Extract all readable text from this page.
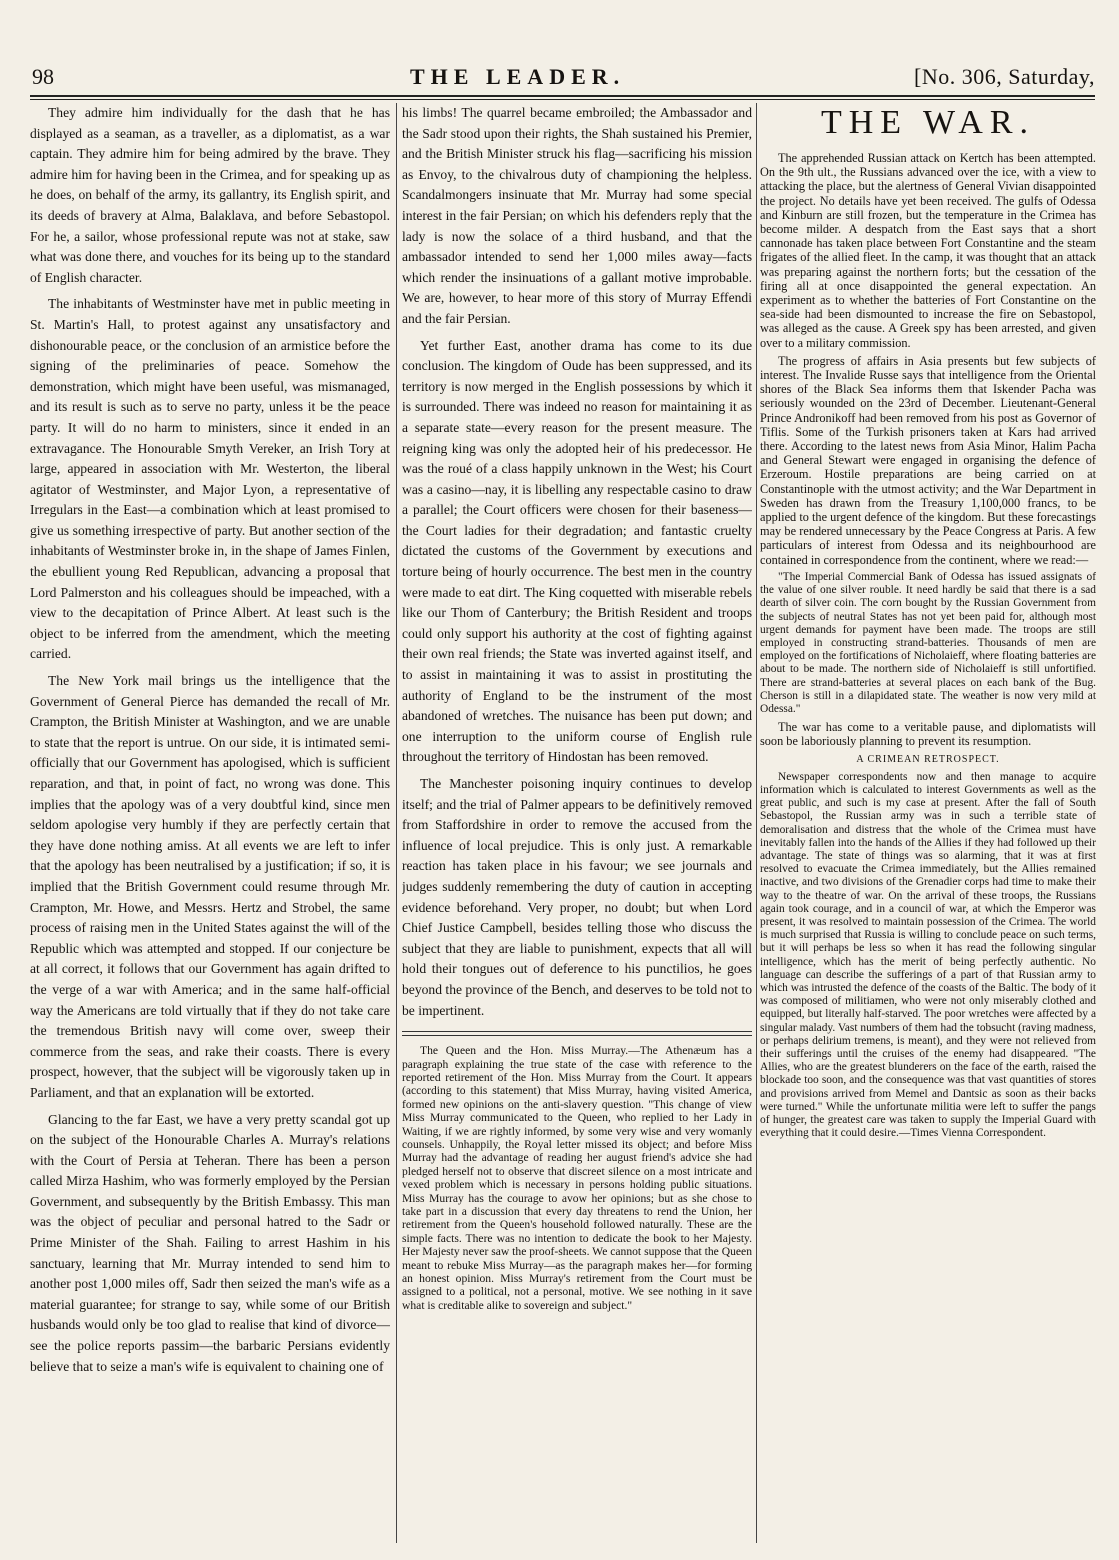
98	THE LEADER.	[No. 306, Saturday,

They admire him individually for the dash that he has displayed as a seaman, as a traveller, as a diplomatist, as a war captain. They admire him for being admired by the brave. They admire him for having been in the Crimea, and for speaking up as he does, on behalf of the army, its gallantry, its English spirit, and its deeds of bravery at Alma, Balaklava, and before Sebastopol. For he, a sailor, whose professional repute was not at stake, saw what was done there, and vouches for its being up to the standard of English character.

The inhabitants of Westminster have met in public meeting in St. Martin's Hall, to protest against any unsatisfactory and dishonourable peace, or the conclusion of an armistice before the signing of the preliminaries of peace. Somehow the demonstration, which might have been useful, was mismanaged, and its result is such as to serve no party, unless it be the peace party. It will do no harm to ministers, since it ended in an extravagance. The Honourable Smyth Vereker, an Irish Tory at large, appeared in association with Mr. Westerton, the liberal agitator of Westminster, and Major Lyon, a representative of Irregulars in the East—a combination which at least promised to give us something irrespective of party. But another section of the inhabitants of Westminster broke in, in the shape of James Finlen, the ebullient young Red Republican, advancing a proposal that Lord Palmerston and his colleagues should be impeached, with a view to the decapitation of Prince Albert. At least such is the object to be inferred from the amendment, which the meeting carried.

The New York mail brings us the intelligence that the Government of General Pierce has demanded the recall of Mr. Crampton, the British Minister at Washington, and we are unable to state that the report is untrue. On our side, it is intimated semi-officially that our Government has apologised, which is sufficient reparation, and that, in point of fact, no wrong was done. This implies that the apology was of a very doubtful kind, since men seldom apologise very humbly if they are perfectly certain that they have done nothing amiss. At all events we are left to infer that the apology has been neutralised by a justification; if so, it is implied that the British Government could resume through Mr. Crampton, Mr. Howe, and Messrs. Hertz and Strobel, the same process of raising men in the United States against the will of the Republic which was attempted and stopped. If our conjecture be at all correct, it follows that our Government has again drifted to the verge of a war with America; and in the same half-official way the Americans are told virtually that if they do not take care the tremendous British navy will come over, sweep their commerce from the seas, and rake their coasts. There is every prospect, however, that the subject will be vigorously taken up in Parliament, and that an explanation will be extorted.

Glancing to the far East, we have a very pretty scandal got up on the subject of the Honourable Charles A. Murray's relations with the Court of Persia at Teheran. There has been a person called Mirza Hashim, who was formerly employed by the Persian Government, and subsequently by the British Embassy. This man was the object of peculiar and personal hatred to the Sadr or Prime Minister of the Shah. Failing to arrest Hashim in his sanctuary, learning that Mr. Murray intended to send him to another post 1,000 miles off, Sadr then seized the man's wife as a material guarantee; for strange to say, while some of our British husbands would only be too glad to realise that kind of divorce—see the police reports passim—the barbaric Persians evidently believe that to seize a man's wife is equivalent to chaining one of

his limbs! The quarrel became embroiled; the Ambassador and the Sadr stood upon their rights, the Shah sustained his Premier, and the British Minister struck his flag—sacrificing his mission as Envoy, to the chivalrous duty of championing the helpless. Scandalmongers insinuate that Mr. Murray had some special interest in the fair Persian; on which his defenders reply that the lady is now the solace of a third husband, and that the ambassador intended to send her 1,000 miles away—facts which render the insinuations of a gallant motive improbable. We are, however, to hear more of this story of Murray Effendi and the fair Persian.

Yet further East, another drama has come to its due conclusion. The kingdom of Oude has been suppressed, and its territory is now merged in the English possessions by which it is surrounded. There was indeed no reason for maintaining it as a separate state—every reason for the present measure. The reigning king was only the adopted heir of his predecessor. He was the roué of a class happily unknown in the West; his Court was a casino—nay, it is libelling any respectable casino to draw a parallel; the Court officers were chosen for their baseness—the Court ladies for their degradation; and fantastic cruelty dictated the customs of the Government by executions and torture being of hourly occurrence. The best men in the country were made to eat dirt. The King coquetted with miserable rebels like our Thom of Canterbury; the British Resident and troops could only support his authority at the cost of fighting against their own real friends; the State was inverted against itself, and to assist in maintaining it was to assist in prostituting the authority of England to be the instrument of the most abandoned of wretches. The nuisance has been put down; and one interruption to the uniform course of English rule throughout the territory of Hindostan has been removed.

The Manchester poisoning inquiry continues to develop itself; and the trial of Palmer appears to be definitively removed from Staffordshire in order to remove the accused from the influence of local prejudice. This is only just. A remarkable reaction has taken place in his favour; we see journals and judges suddenly remembering the duty of caution in accepting evidence beforehand. Very proper, no doubt; but when Lord Chief Justice Campbell, besides telling those who discuss the subject that they are liable to punishment, expects that all will hold their tongues out of deference to his punctilios, he goes beyond the province of the Bench, and deserves to be told not to be impertinent.

The Queen and the Hon. Miss Murray.—The Athenæum has a paragraph explaining the true state of the case with reference to the reported retirement of the Hon. Miss Murray from the Court. It appears (according to this statement) that Miss Murray, having visited America, formed new opinions on the anti-slavery question. "This change of view Miss Murray communicated to the Queen, who replied to her Lady in Waiting, if we are rightly informed, by some very wise and very womanly counsels. Unhappily, the Royal letter missed its object; and before Miss Murray had the advantage of reading her august friend's advice she had pledged herself not to observe that discreet silence on a most intricate and vexed problem which is necessary in persons holding public situations. Miss Murray has the courage to avow her opinions; but as she chose to take part in a discussion that every day threatens to rend the Union, her retirement from the Queen's household followed naturally. These are the simple facts. There was no intention to dedicate the book to her Majesty. Her Majesty never saw the proof-sheets. We cannot suppose that the Queen meant to rebuke Miss Murray—as the paragraph makes her—for forming an honest opinion. Miss Murray's retirement from the Court must be assigned to a political, not a personal, motive. We see nothing in it save what is creditable alike to sovereign and subject."

THE WAR.

The apprehended Russian attack on Kertch has been attempted. On the 9th ult., the Russians advanced over the ice, with a view to attacking the place, but the alertness of General Vivian disappointed the project. No details have yet been received. The gulfs of Odessa and Kinburn are still frozen, but the temperature in the Crimea has become milder. A despatch from the East says that a short cannonade has taken place between Fort Constantine and the steam frigates of the allied fleet. In the camp, it was thought that an attack was preparing against the northern forts; but the cessation of the firing all at once disappointed the general expectation. An experiment as to whether the batteries of Fort Constantine on the sea-side had been dismounted to increase the fire on Sebastopol, was alleged as the cause. A Greek spy has been arrested, and given over to a military commission.

The progress of affairs in Asia presents but few subjects of interest. The Invalide Russe says that intelligence from the Oriental shores of the Black Sea informs them that Iskender Pacha was seriously wounded on the 23rd of December. Lieutenant-General Prince Andronikoff had been removed from his post as Governor of Tiflis. Some of the Turkish prisoners taken at Kars had arrived there. According to the latest news from Asia Minor, Halim Pacha and General Stewart were engaged in organising the defence of Erzeroum. Hostile preparations are being carried on at Constantinople with the utmost activity; and the War Department in Sweden has drawn from the Treasury 1,100,000 francs, to be applied to the urgent defence of the kingdom. But these forecastings may be rendered unnecessary by the Peace Congress at Paris. A few particulars of interest from Odessa and its neighbourhood are contained in correspondence from the continent, where we read:—

"The Imperial Commercial Bank of Odessa has issued assignats of the value of one silver rouble. It need hardly be said that there is a sad dearth of silver coin. The corn bought by the Russian Government from the subjects of neutral States has not yet been paid for, although most urgent demands for payment have been made. The troops are still employed in constructing strand-batteries. Thousands of men are employed on the fortifications of Nicholaieff, where floating batteries are about to be made. The northern side of Nicholaieff is still unfortified. There are strand-batteries at several places on each bank of the Bug. Cherson is still in a dilapidated state. The weather is now very mild at Odessa."

The war has come to a veritable pause, and diplomatists will soon be laboriously planning to prevent its resumption.

A CRIMEAN RETROSPECT.

Newspaper correspondents now and then manage to acquire information which is calculated to interest Governments as well as the great public, and such is my case at present. After the fall of South Sebastopol, the Russian army was in such a terrible state of demoralisation and distress that the whole of the Crimea must have inevitably fallen into the hands of the Allies if they had followed up their advantage. The state of things was so alarming, that it was at first resolved to evacuate the Crimea immediately, but the Allies remained inactive, and two divisions of the Grenadier corps had time to make their way to the theatre of war. On the arrival of these troops, the Russians again took courage, and in a council of war, at which the Emperor was present, it was resolved to maintain possession of the Crimea. The world is much surprised that Russia is willing to conclude peace on such terms, but it will perhaps be less so when it has read the following singular intelligence, which has the merit of being perfectly authentic. No language can describe the sufferings of a part of that Russian army to which was intrusted the defence of the coasts of the Baltic. The body of it was composed of militiamen, who were not only miserably clothed and equipped, but literally half-starved. The poor wretches were affected by a singular malady. Vast numbers of them had the tobsucht (raving madness, or perhaps delirium tremens, is meant), and they were not relieved from their sufferings until the cruises of the enemy had disappeared. "The Allies, who are the greatest blunderers on the face of the earth, raised the blockade too soon, and the consequence was that vast quantities of stores and provisions arrived from Memel and Dantsic as soon as their backs were turned." While the unfortunate militia were left to suffer the pangs of hunger, the greatest care was taken to supply the Imperial Guard with everything that it could desire.—Times Vienna Correspondent.
